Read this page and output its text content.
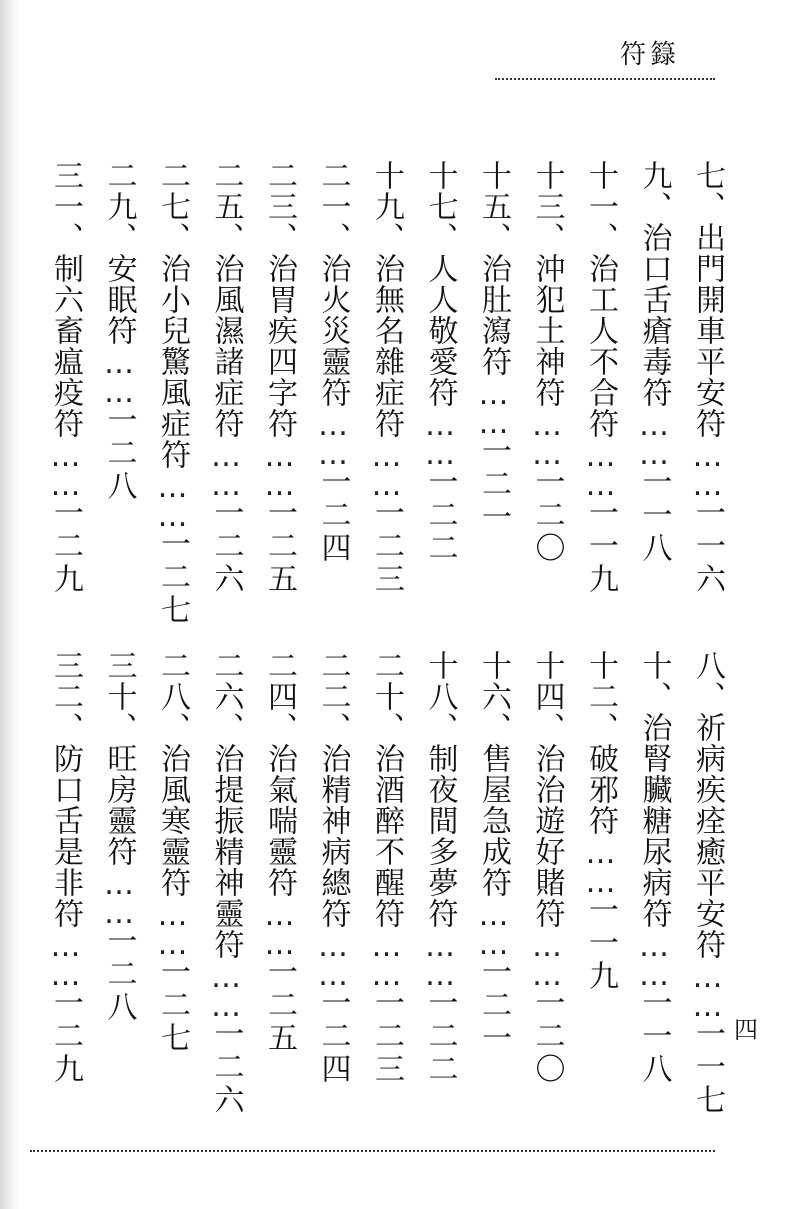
符籙
七、出門開車平安符……一一六
九、治口舌瘡毒符……一一八
十一、治工人不合符……一一九
十三、沖犯土神符……一二〇
十五、治肚瀉符……一二一
十七、人人敬愛符……一二二
十九、治無名雜症符……一二三
二一、治火災靈符……一二四
二三、治胃疾四字符……一二五
二五、治風濕諸症符……一二六
二七、治小兒驚風症符……一二七
二九、安眠符……一二八
三一、制六畜瘟疫符……一二九
八、祈病疾痊癒平安符……一一七
十、治腎臟糖尿病符……一一八
十二、破邪符……一一九
十四、治治遊好賭符……一二〇
十六、售屋急成符……一二一
十八、制夜間多夢符……一二二
二十、治酒醉不醒符……一二三
二二、治精神病總符……一二四
二四、治氣喘靈符……一二五
二六、治提振精神靈符……一二六
二八、治風寒靈符……一二七
三十、旺房靈符……一二八
三二、防口舌是非符……一二九	四
